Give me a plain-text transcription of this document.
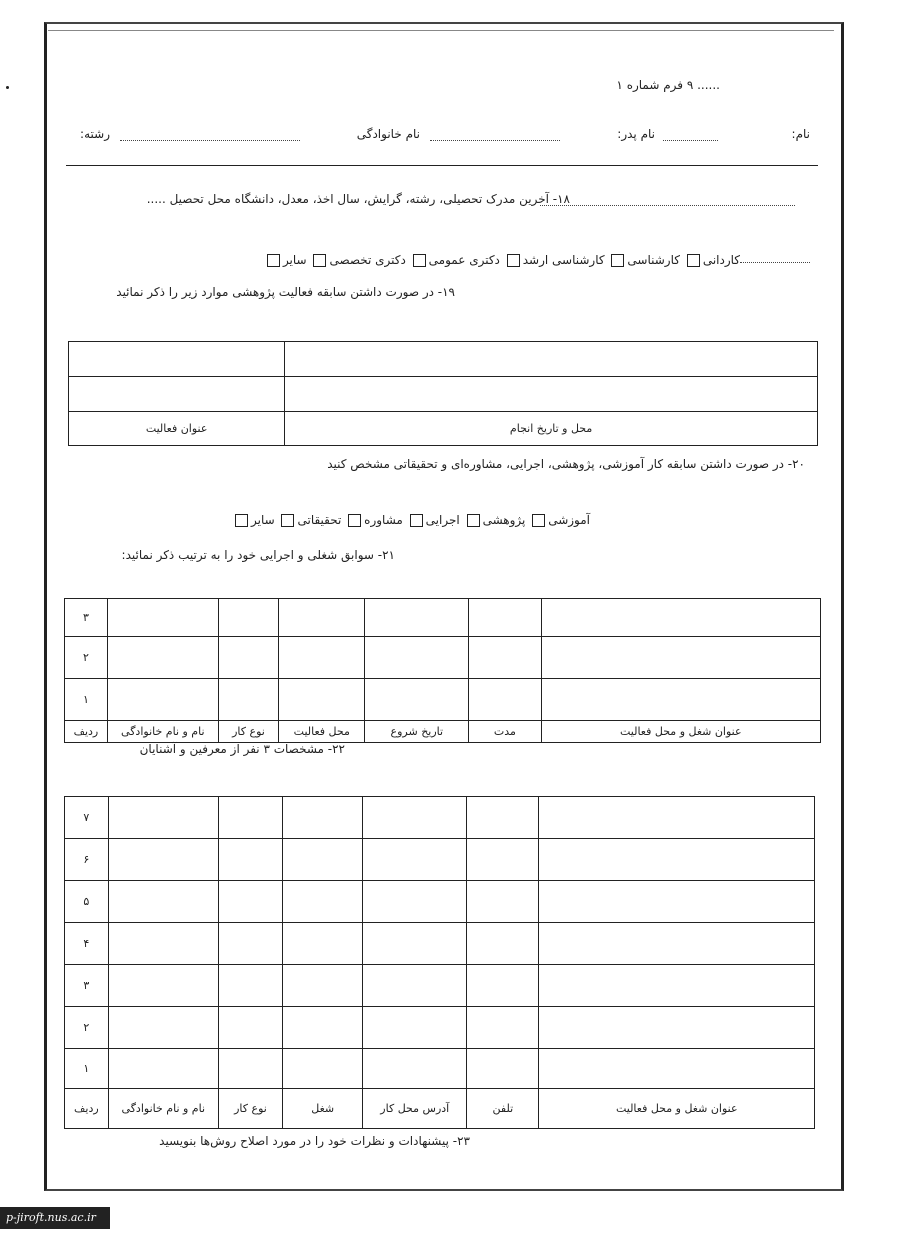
...... ۹ فرم شماره ۱
نام:
نام پدر:
نام خانوادگی
رشته:
۱۸- آخرین مدرک تحصیلی، رشته، گرایش، سال اخذ، معدل، دانشگاه محل تحصیل .....
کاردانی کارشناسی کارشناسی ارشد دکتری عمومی دکتری تخصصی سایر
۱۹- در صورت داشتن سابقه فعالیت پژوهشی موارد زیر را ذکر نمائید

محل و تاریخ انجام	عنوان فعالیت
۲۰- در صورت داشتن سابقه کار آموزشی، پژوهشی، اجرایی، مشاوره‌ای و تحقیقاتی مشخص کنید
آموزشی پژوهشی اجرایی مشاوره تحقیقاتی سایر
۲۱- سوابق شغلی و اجرایی خود را به ترتیب ذکر نمائید:
						۳
						۲
						۱
عنوان شغل و محل فعالیت	مدت	تاریخ شروع	محل فعالیت	نوع کار	نام و نام خانوادگی	ردیف
۲۲- مشخصات ۳ نفر از معرفین و آشنایان
						۷
						۶
						۵
						۴
						۳
						۲
						۱
عنوان شغل و محل فعالیت	تلفن	آدرس محل کار	شغل	نوع کار	نام و نام خانوادگی	ردیف
۲۳- پیشنهادات و نظرات خود را در مورد اصلاح روش‌ها بنویسید
p-jiroft.nus.ac.ir
